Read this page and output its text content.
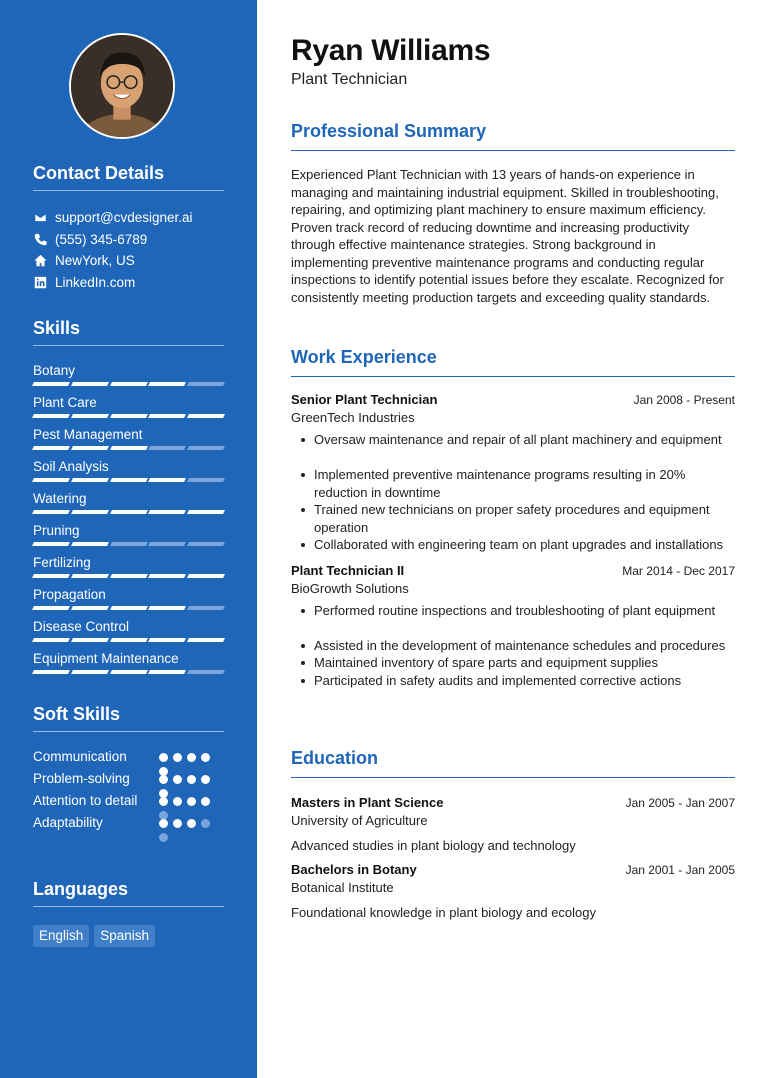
Contact Details
support@cvdesigner.ai
(555) 345-6789
NewYork, US
LinkedIn.com
Skills
Botany
Plant Care
Pest Management
Soil Analysis
Watering
Pruning
Fertilizing
Propagation
Disease Control
Equipment Maintenance
Soft Skills
Communication
Problem-solving
Attention to detail
Adaptability
Languages
English	Spanish
Ryan Williams
Plant Technician
Professional Summary

Experienced Plant Technician with 13 years of hands-on experience in managing and maintaining industrial equipment. Skilled in troubleshooting, repairing, and optimizing plant machinery to ensure maximum efficiency. Proven track record of reducing downtime and increasing productivity through effective maintenance strategies. Strong background in implementing preventive maintenance programs and conducting regular inspections to identify potential issues before they escalate. Recognized for consistently meeting production targets and exceeding quality standards.

Work Experience
Senior Plant Technician	Jan 2008 - Present
GreenTech Industries
Oversaw maintenance and repair of all plant machinery and equipment
Implemented preventive maintenance programs resulting in 20% reduction in downtime
Trained new technicians on proper safety procedures and equipment operation
Collaborated with engineering team on plant upgrades and installations
Plant Technician II	Mar 2014 - Dec 2017
BioGrowth Solutions
Performed routine inspections and troubleshooting of plant equipment
Assisted in the development of maintenance schedules and procedures
Maintained inventory of spare parts and equipment supplies
Participated in safety audits and implemented corrective actions
Education
Masters in Plant Science	Jan 2005 - Jan 2007
University of Agriculture
Advanced studies in plant biology and technology
Bachelors in Botany	Jan 2001 - Jan 2005
Botanical Institute
Foundational knowledge in plant biology and ecology
